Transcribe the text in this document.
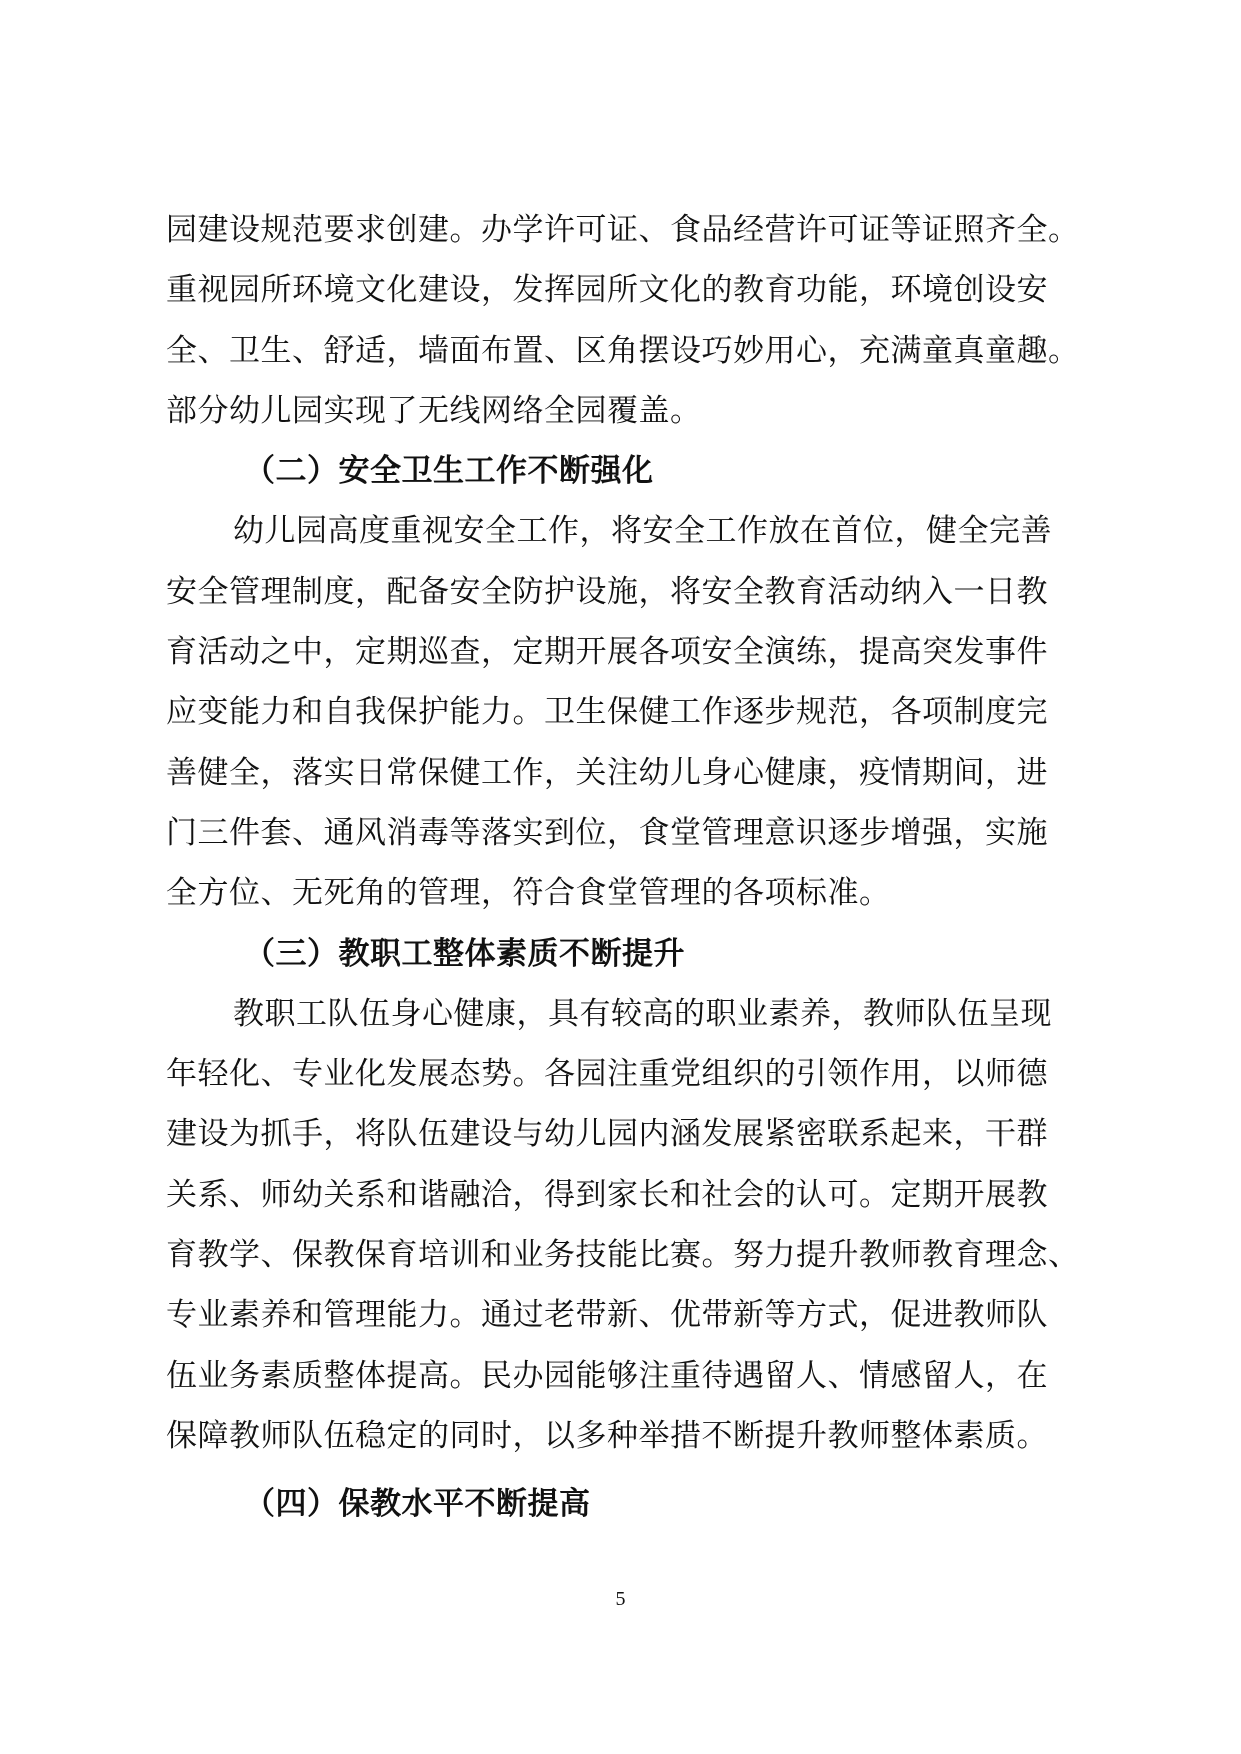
园建设规范要求创建。办学许可证、食品经营许可证等证照齐全。
重视园所环境文化建设，发挥园所文化的教育功能，环境创设安
全、卫生、舒适，墙面布置、区角摆设巧妙用心，充满童真童趣。
部分幼儿园实现了无线网络全园覆盖。
（二）安全卫生工作不断强化
幼儿园高度重视安全工作，将安全工作放在首位，健全完善
安全管理制度，配备安全防护设施，将安全教育活动纳入一日教
育活动之中，定期巡查，定期开展各项安全演练，提高突发事件
应变能力和自我保护能力。卫生保健工作逐步规范，各项制度完
善健全，落实日常保健工作，关注幼儿身心健康，疫情期间，进
门三件套、通风消毒等落实到位，食堂管理意识逐步增强，实施
全方位、无死角的管理，符合食堂管理的各项标准。
（三）教职工整体素质不断提升
教职工队伍身心健康，具有较高的职业素养，教师队伍呈现
年轻化、专业化发展态势。各园注重党组织的引领作用，以师德
建设为抓手，将队伍建设与幼儿园内涵发展紧密联系起来，干群
关系、师幼关系和谐融洽，得到家长和社会的认可。定期开展教
育教学、保教保育培训和业务技能比赛。努力提升教师教育理念、
专业素养和管理能力。通过老带新、优带新等方式，促进教师队
伍业务素质整体提高。民办园能够注重待遇留人、情感留人，在
保障教师队伍稳定的同时，以多种举措不断提升教师整体素质。
（四）保教水平不断提高
5
